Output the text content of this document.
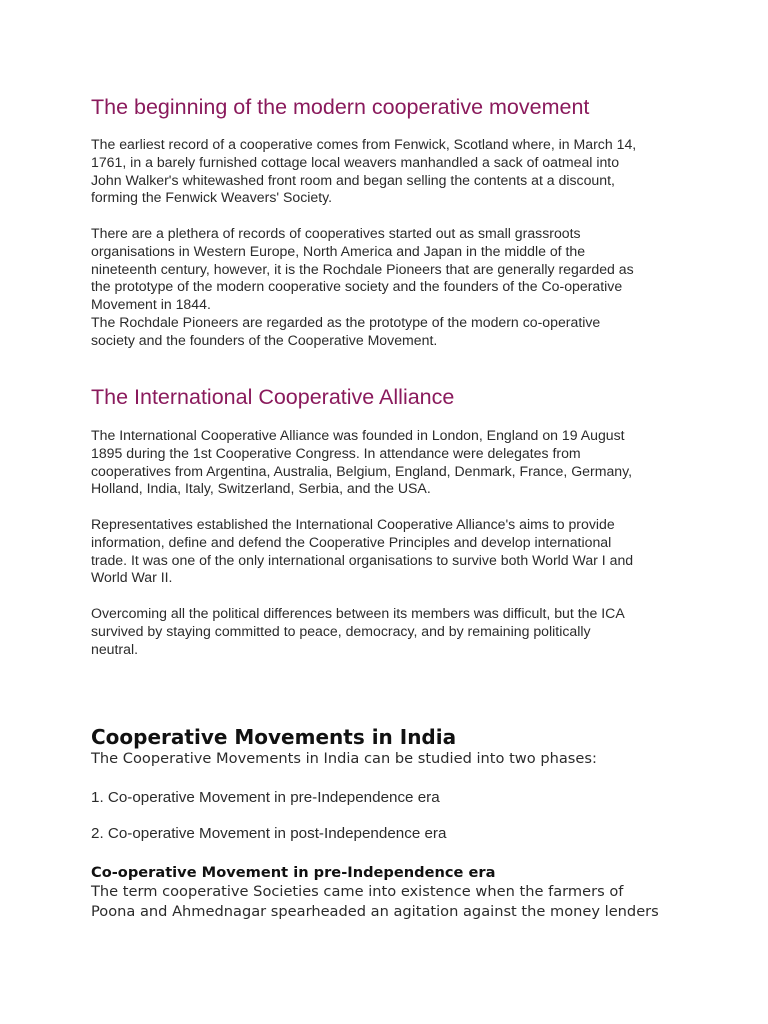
The beginning of the modern cooperative movement

The earliest record of a cooperative comes from Fenwick, Scotland where, in March 14,
1761, in a barely furnished cottage local weavers manhandled a sack of oatmeal into
John Walker's whitewashed front room and began selling the contents at a discount,
forming the Fenwick Weavers' Society.

There are a plethera of records of cooperatives started out as small grassroots
organisations in Western Europe, North America and Japan in the middle of the
nineteenth century, however, it is the Rochdale Pioneers that are generally regarded as
the prototype of the modern cooperative society and the founders of the Co-operative
Movement in 1844.
The Rochdale Pioneers are regarded as the prototype of the modern co-operative
society and the founders of the Cooperative Movement.

The International Cooperative Alliance

The International Cooperative Alliance was founded in London, England on 19 August
1895 during the 1st Cooperative Congress. In attendance were delegates from
cooperatives from Argentina, Australia, Belgium, England, Denmark, France, Germany,
Holland, India, Italy, Switzerland, Serbia, and the USA.

Representatives established the International Cooperative Alliance's aims to provide
information, define and defend the Cooperative Principles and develop international
trade. It was one of the only international organisations to survive both World War I and
World War II.

Overcoming all the political differences between its members was difficult, but the ICA
survived by staying committed to peace, democracy, and by remaining politically
neutral.

Cooperative Movements in India

The Cooperative Movements in India can be studied into two phases:

1. Co-operative Movement in pre-Independence era

2. Co-operative Movement in post-Independence era

Co-operative Movement in pre-Independence era

The term cooperative Societies came into existence when the farmers of
Poona and Ahmednagar spearheaded an agitation against the money lenders
